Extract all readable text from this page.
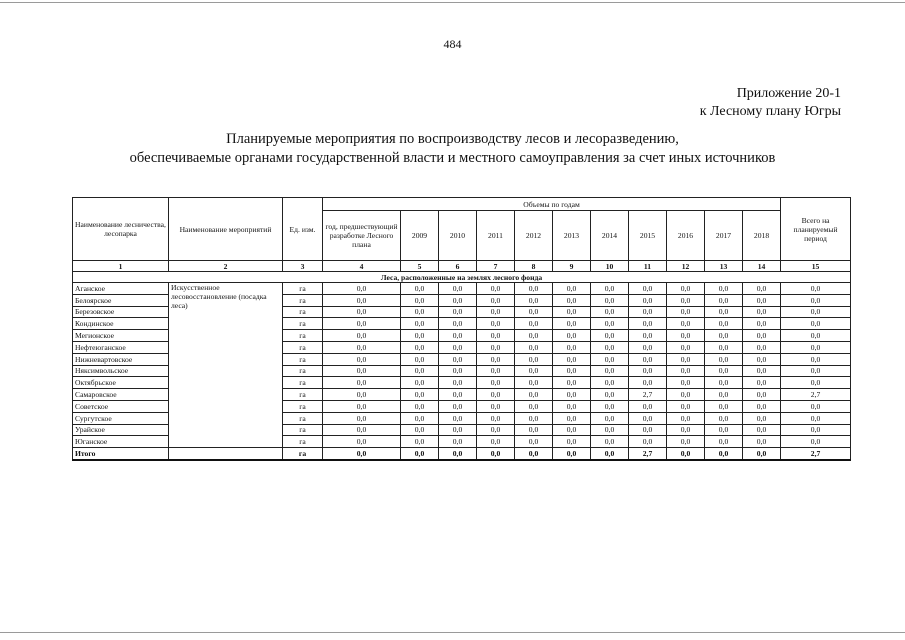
484
Приложение 20-1
к Лесному плану Югры
Планируемые мероприятия по воспроизводству лесов и лесоразведению,
обеспечиваемые органами государственной власти и местного самоуправления за счет иных источников
Наименование лесничества, лесопарка	Наименование мероприятий	Ед. изм.	Объемы по годам											Всего на планируемый период
			год, предшествующий разработке Лесного плана	2009	2010	2011	2012	2013	2014	2015	2016	2017	2018	
1	2	3	4	5	6	7	8	9	10	11	12	13	14	15
Леса, расположенные на землях лесного фонда														
Аганское	Искусственное лесовосстановление (посадка леса)	га	0,0	0,0	0,0	0,0	0,0	0,0	0,0	0,0	0,0	0,0	0,0	0,0
Белоярское		га	0,0	0,0	0,0	0,0	0,0	0,0	0,0	0,0	0,0	0,0	0,0	0,0
Березовское		га	0,0	0,0	0,0	0,0	0,0	0,0	0,0	0,0	0,0	0,0	0,0	0,0
Кондинское		га	0,0	0,0	0,0	0,0	0,0	0,0	0,0	0,0	0,0	0,0	0,0	0,0
Мегионское		га	0,0	0,0	0,0	0,0	0,0	0,0	0,0	0,0	0,0	0,0	0,0	0,0
Нефтеюганское		га	0,0	0,0	0,0	0,0	0,0	0,0	0,0	0,0	0,0	0,0	0,0	0,0
Нижневартовское		га	0,0	0,0	0,0	0,0	0,0	0,0	0,0	0,0	0,0	0,0	0,0	0,0
Няксимвольское		га	0,0	0,0	0,0	0,0	0,0	0,0	0,0	0,0	0,0	0,0	0,0	0,0
Октябрьское		га	0,0	0,0	0,0	0,0	0,0	0,0	0,0	0,0	0,0	0,0	0,0	0,0
Самаровское		га	0,0	0,0	0,0	0,0	0,0	0,0	0,0	2,7	0,0	0,0	0,0	2,7
Советское		га	0,0	0,0	0,0	0,0	0,0	0,0	0,0	0,0	0,0	0,0	0,0	0,0
Сургутское		га	0,0	0,0	0,0	0,0	0,0	0,0	0,0	0,0	0,0	0,0	0,0	0,0
Урайское		га	0,0	0,0	0,0	0,0	0,0	0,0	0,0	0,0	0,0	0,0	0,0	0,0
Юганское		га	0,0	0,0	0,0	0,0	0,0	0,0	0,0	0,0	0,0	0,0	0,0	0,0
Итого		га	0,0	0,0	0,0	0,0	0,0	0,0	0,0	2,7	0,0	0,0	0,0	2,7
